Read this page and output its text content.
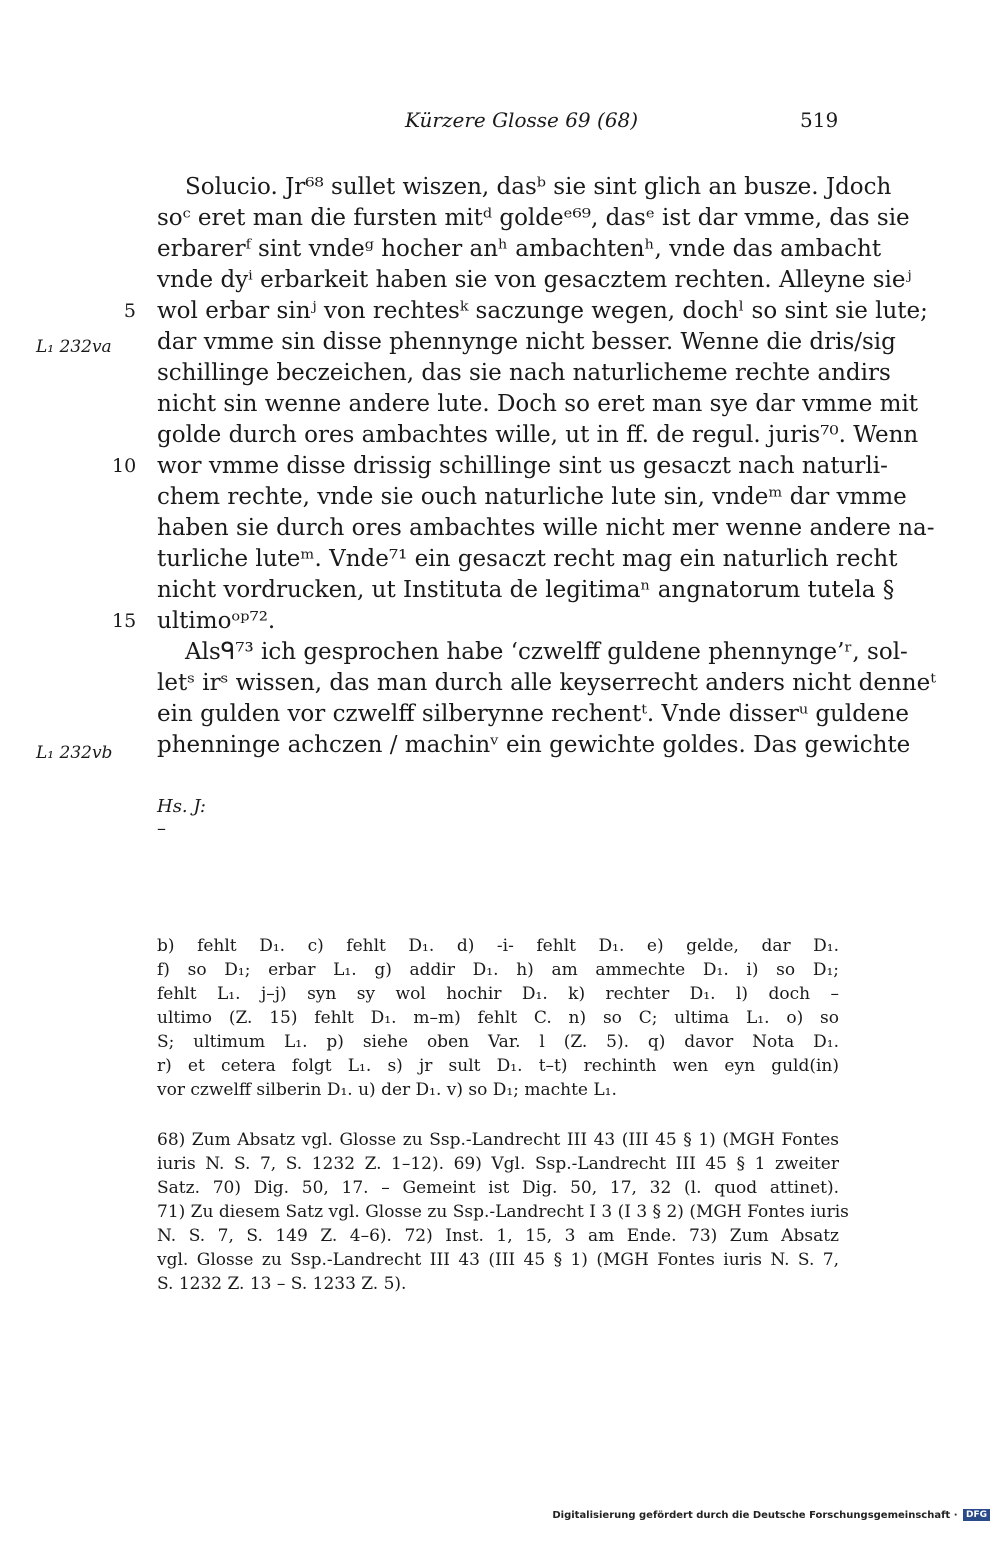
Kürzere Glosse 69 (68)	519
Solucio. Jr⁶⁸ sullet wiszen, dasᵇ sie sint glich an busze. Jdoch
soᶜ eret man die fursten mitᵈ goldeᵉ⁶⁹, dasᵉ ist dar vmme, das sie
erbarerᶠ sint vndeᵍ hocher anʰ ambachtenʰ, vnde das ambacht
vnde dyⁱ erbarkeit haben sie von gesacztem rechten. Alleyne sieʲ
wol erbar sinʲ von rechtesᵏ saczunge wegen, dochˡ so sint sie lute;
dar vmme sin disse phennynge nicht besser. Wenne die dris/sig
schillinge beczeichen, das sie nach naturlicheme rechte andirs
nicht sin wenne andere lute. Doch so eret man sye dar vmme mit
golde durch ores ambachtes wille, ut in ff. de regul. juris⁷⁰. Wenn
wor vmme disse drissig schillinge sint us gesaczt nach naturli-
chem rechte, vnde sie ouch naturliche lute sin, vndeᵐ dar vmme
haben sie durch ores ambachtes wille nicht mer wenne andere na-
turliche luteᵐ. Vnde⁷¹ ein gesaczt recht mag ein naturlich recht
nicht vordrucken, ut Instituta de legitimaⁿ angnatorum tutela §
ultimoᵒᵖ⁷².
Alsᑫ⁷³ ich gesprochen habe ‘czwelff guldene phennynge’ʳ, sol-
letˢ irˢ wissen, das man durch alle keyserrecht anders nicht denneᵗ
ein gulden vor czwelff silberynne rechentᵗ. Vnde disserᵘ guldene
phenninge achczen / machinᵛ ein gewichte goldes. Das gewichte
5
10
15
L₁ 232va
L₁ 232vb
Hs. J:
–
b) fehlt D₁. c) fehlt D₁. d) -i- fehlt D₁. e) gelde, dar D₁.
f) so D₁; erbar L₁. g) addir D₁. h) am ammechte D₁. i) so D₁;
fehlt L₁. j–j) syn sy wol hochir D₁. k) rechter D₁. l) doch –
ultimo (Z. 15) fehlt D₁. m–m) fehlt C. n) so C; ultima L₁. o) so
S; ultimum L₁. p) siehe oben Var. l (Z. 5). q) davor Nota D₁.
r) et cetera folgt L₁. s) jr sult D₁. t–t) rechinth wen eyn guld(in)
vor czwelff silberin D₁. u) der D₁. v) so D₁; machte L₁.
68) Zum Absatz vgl. Glosse zu Ssp.-Landrecht III 43 (III 45 § 1) (MGH Fontes
iuris N. S. 7, S. 1232 Z. 1–12). 69) Vgl. Ssp.-Landrecht III 45 § 1 zweiter
Satz. 70) Dig. 50, 17. – Gemeint ist Dig. 50, 17, 32 (l. quod attinet).
71) Zu diesem Satz vgl. Glosse zu Ssp.-Landrecht I 3 (I 3 § 2) (MGH Fontes iuris
N. S. 7, S. 149 Z. 4–6). 72) Inst. 1, 15, 3 am Ende. 73) Zum Absatz
vgl. Glosse zu Ssp.-Landrecht III 43 (III 45 § 1) (MGH Fontes iuris N. S. 7,
S. 1232 Z. 13 – S. 1233 Z. 5).
Digitalisierung gefördert durch die Deutsche Forschungsgemeinschaft · DFG
